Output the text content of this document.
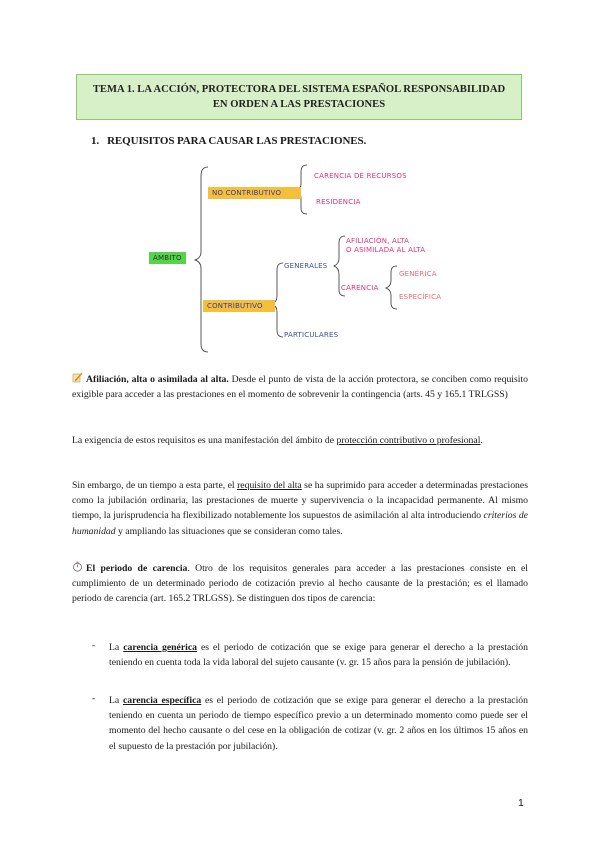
TEMA 1. LA ACCIÓN, PROTECTORA DEL SISTEMA ESPAÑOL RESPONSABILIDAD EN ORDEN A LAS PRESTACIONES
1. REQUISITOS PARA CAUSAR LAS PRESTACIONES.
ÁMBITO
NO CONTRIBUTIVO
CARENCIA DE RECURSOS
RESIDENCIA
CONTRIBUTIVO
GENERALES
AFILIACIÓN, ALTA
O ASIMILADA AL ALTA
CARENCIA
GENÉRICA
ESPECÍFICA
PARTICULARES
Afiliación, alta o asimilada al alta. Desde el punto de vista de la acción protectora, se conciben como requisito exigible para acceder a las prestaciones en el momento de sobrevenir la contingencia (arts. 45 y 165.1 TRLGSS)
La exigencia de estos requisitos es una manifestación del ámbito de protección contributivo o profesional.
Sin embargo, de un tiempo a esta parte, el requisito del alta se ha suprimido para acceder a determinadas prestaciones como la jubilación ordinaria, las prestaciones de muerte y supervivencia o la incapacidad permanente. Al mismo tiempo, la jurisprudencia ha flexibilizado notablemente los supuestos de asimilación al alta introduciendo criterios de humanidad y ampliando las situaciones que se consideran como tales.
El periodo de carencia. Otro de los requisitos generales para acceder a las prestaciones consiste en el cumplimiento de un determinado periodo de cotización previo al hecho causante de la prestación; es el llamado periodo de carencia (art. 165.2 TRLGSS). Se distinguen dos tipos de carencia:
-	La carencia genérica es el periodo de cotización que se exige para generar el derecho a la prestación teniendo en cuenta toda la vida laboral del sujeto causante (v. gr. 15 años para la pensión de jubilación).
-	La carencia específica es el periodo de cotización que se exige para generar el derecho a la prestación teniendo en cuenta un periodo de tiempo específico previo a un determinado momento como puede ser el momento del hecho causante o del cese en la obligación de cotizar (v. gr. 2 años en los últimos 15 años en el supuesto de la prestación por jubilación).
1
